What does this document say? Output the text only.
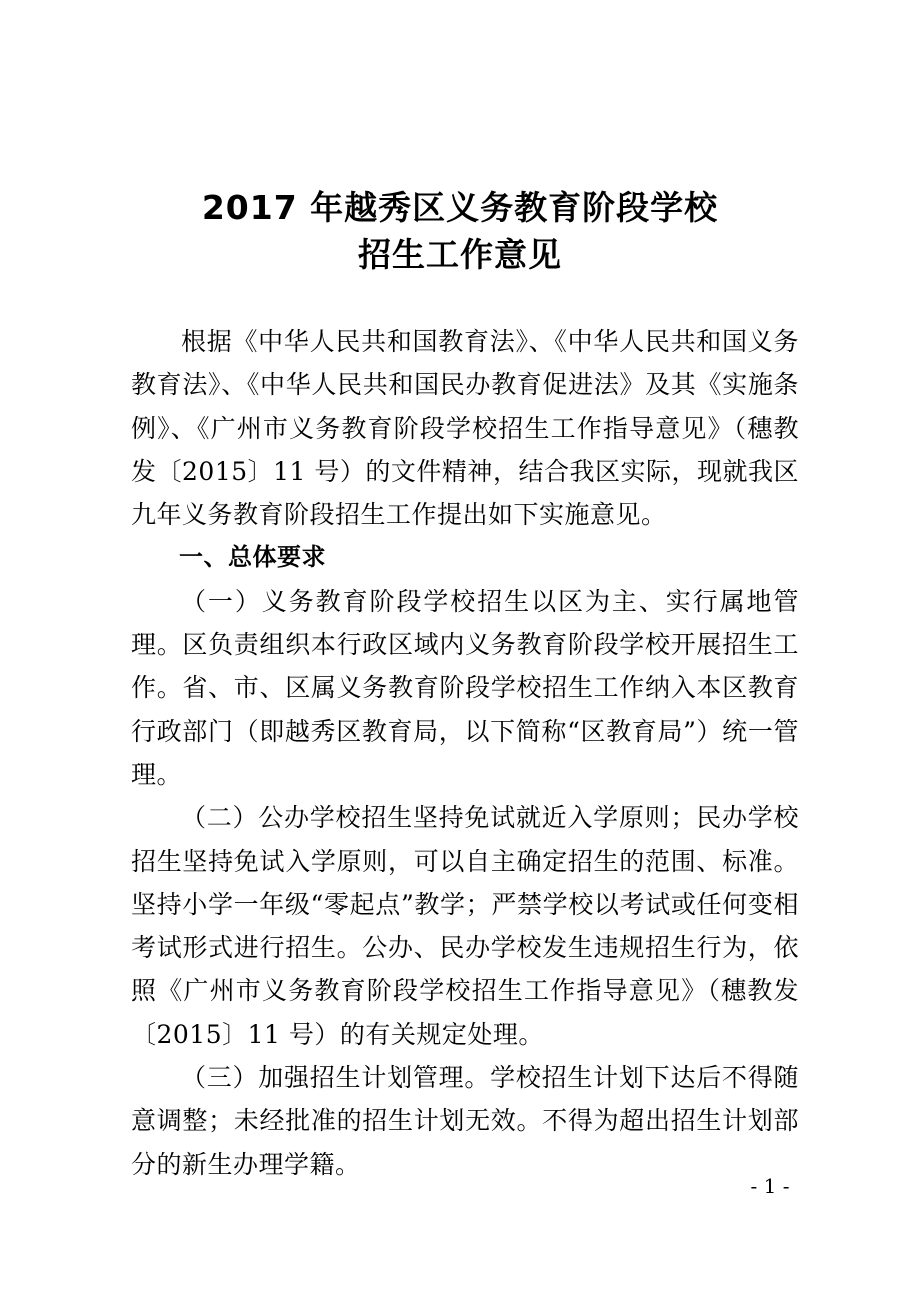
2017 年越秀区义务教育阶段学校
招生工作意见

根据《中华人民共和国教育法》、《中华人民共和国义务教育法》、《中华人民共和国民办教育促进法》及其《实施条例》、《广州市义务教育阶段学校招生工作指导意见》（穗教发〔2015〕11 号）的文件精神，结合我区实际，现就我区九年义务教育阶段招生工作提出如下实施意见。

一、总体要求

（一）义务教育阶段学校招生以区为主、实行属地管理。区负责组织本行政区域内义务教育阶段学校开展招生工作。省、市、区属义务教育阶段学校招生工作纳入本区教育行政部门（即越秀区教育局，以下简称“区教育局”）统一管理。

（二）公办学校招生坚持免试就近入学原则；民办学校招生坚持免试入学原则，可以自主确定招生的范围、标准。坚持小学一年级“零起点”教学；严禁学校以考试或任何变相考试形式进行招生。公办、民办学校发生违规招生行为，依照《广州市义务教育阶段学校招生工作指导意见》（穗教发〔2015〕11 号）的有关规定处理。

（三）加强招生计划管理。学校招生计划下达后不得随意调整；未经批准的招生计划无效。不得为超出招生计划部分的新生办理学籍。

- 1 -
